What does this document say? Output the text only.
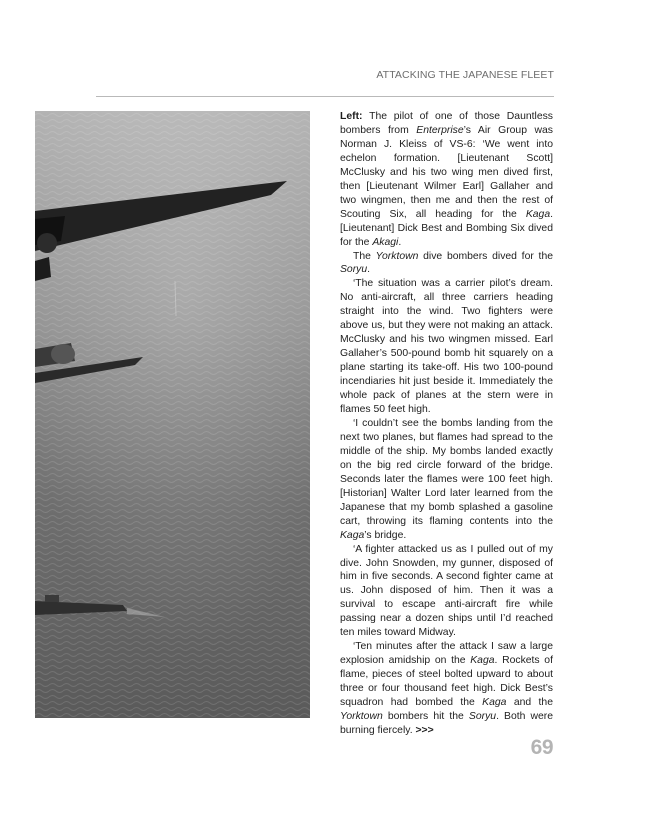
ATTACKING THE JAPANESE FLEET

Left: The pilot of one of those Dauntless bombers from Enterprise’s Air Group was Norman J. Kleiss of VS-6: ‘We went into echelon formation. [Lieutenant Scott] McClusky and his two wing men dived first, then [Lieutenant Wilmer Earl] Gallaher and two wingmen, then me and then the rest of Scouting Six, all heading for the Kaga. [Lieutenant] Dick Best and Bombing Six dived for the Akagi.

The Yorktown dive bombers dived for the Soryu.

‘The situation was a carrier pilot’s dream. No anti-aircraft, all three carriers heading straight into the wind. Two fighters were above us, but they were not making an attack. McClusky and his two wingmen missed. Earl Gallaher’s 500-pound bomb hit squarely on a plane starting its take-off. His two 100-pound incendiaries hit just beside it. Immediately the whole pack of planes at the stern were in flames 50 feet high.

‘I couldn’t see the bombs landing from the next two planes, but flames had spread to the middle of the ship. My bombs landed exactly on the big red circle forward of the bridge. Seconds later the flames were 100 feet high. [Historian] Walter Lord later learned from the Japanese that my bomb splashed a gasoline cart, throwing its flaming contents into the Kaga’s bridge.

‘A fighter attacked us as I pulled out of my dive. John Snowden, my gunner, disposed of him in five seconds. A second fighter came at us. John disposed of him. Then it was a survival to escape anti-aircraft fire while passing near a dozen ships until I’d reached ten miles toward Midway.

‘Ten minutes after the attack I saw a large explosion amidship on the Kaga. Rockets of flame, pieces of steel bolted upward to about three or four thousand feet high. Dick Best’s squadron had bombed the Kaga and the Yorktown bombers hit the Soryu. Both were burning fiercely. >>>

69
